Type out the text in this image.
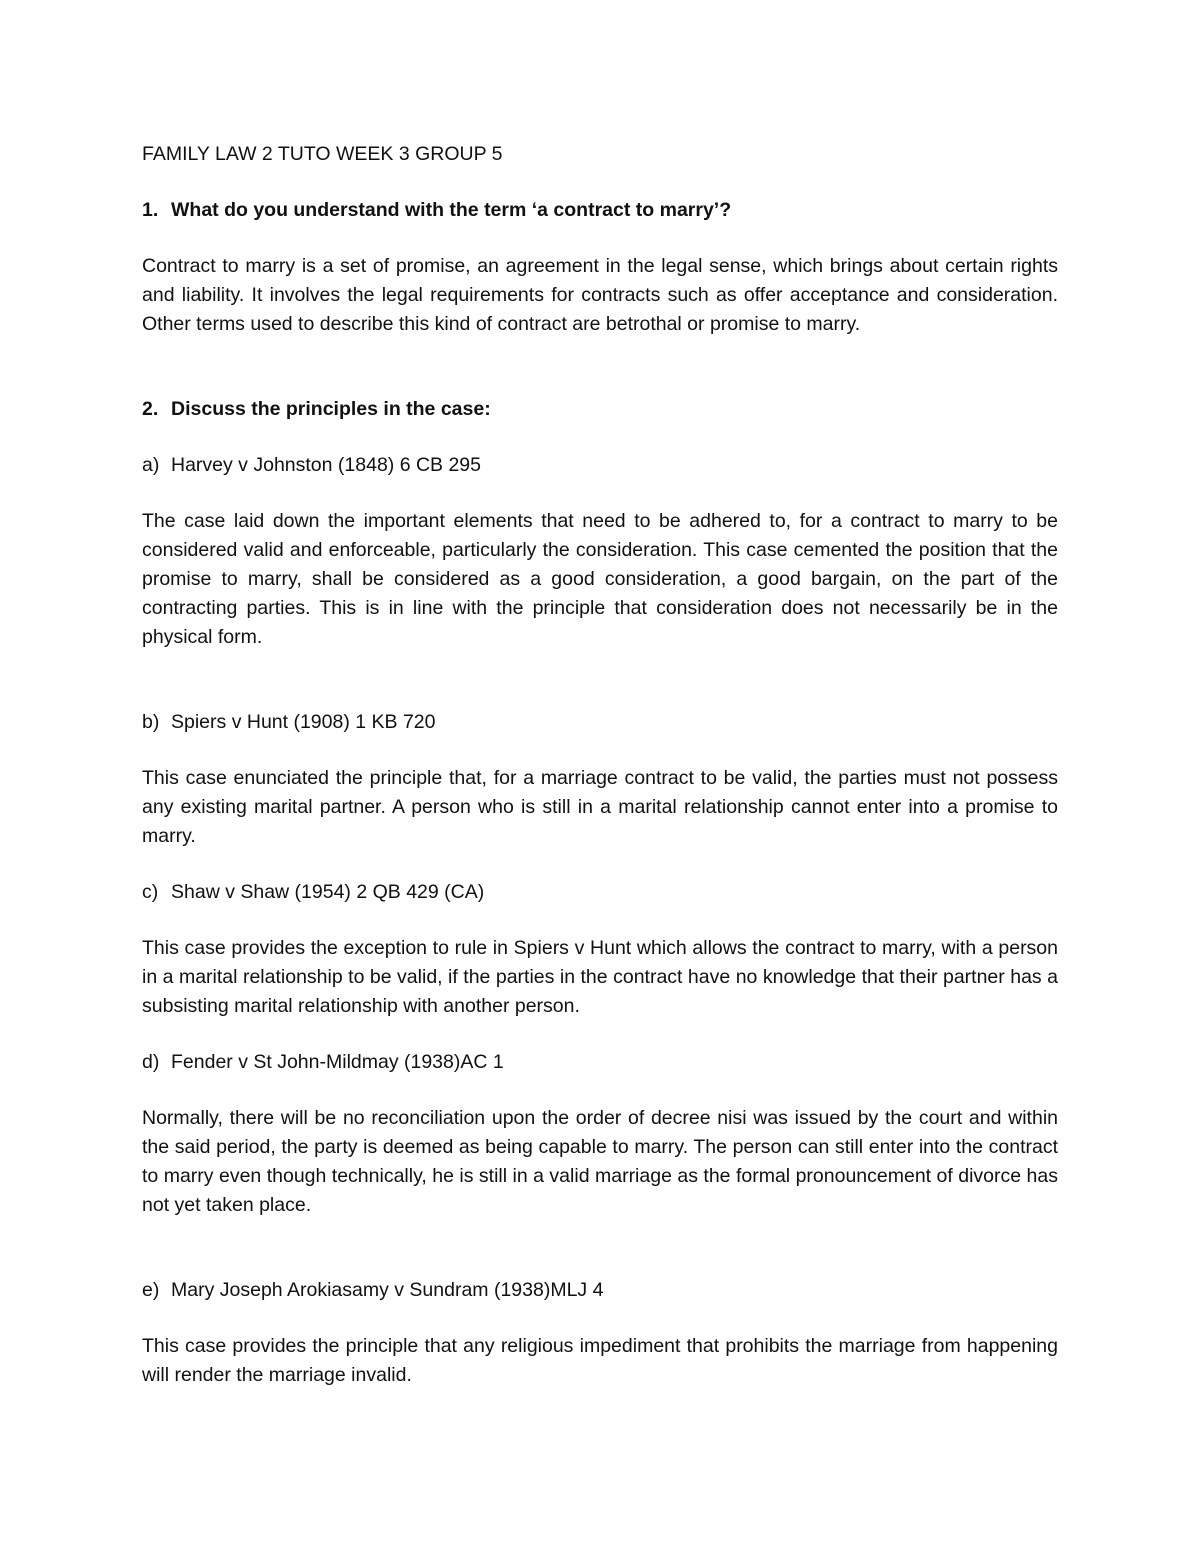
FAMILY LAW 2 TUTO WEEK 3 GROUP 5

1. What do you understand with the term ‘a contract to marry’?

Contract to marry is a set of promise, an agreement in the legal sense, which brings about certain rights and liability. It involves the legal requirements for contracts such as offer acceptance and consideration. Other terms used to describe this kind of contract are betrothal or promise to marry.

2. Discuss the principles in the case:

a) Harvey v Johnston (1848) 6 CB 295

The case laid down the important elements that need to be adhered to, for a contract to marry to be considered valid and enforceable, particularly the consideration. This case cemented the position that the promise to marry, shall be considered as a good consideration, a good bargain, on the part of the contracting parties. This is in line with the principle that consideration does not necessarily be in the physical form.

b) Spiers v Hunt (1908) 1 KB 720

This case enunciated the principle that, for a marriage contract to be valid, the parties must not possess any existing marital partner. A person who is still in a marital relationship cannot enter into a promise to marry.

c) Shaw v Shaw (1954) 2 QB 429 (CA)

This case provides the exception to rule in Spiers v Hunt which allows the contract to marry, with a person in a marital relationship to be valid, if the parties in the contract have no knowledge that their partner has a subsisting marital relationship with another person.

d) Fender v St John-Mildmay (1938)AC 1

Normally, there will be no reconciliation upon the order of decree nisi was issued by the court and within the said period, the party is deemed as being capable to marry. The person can still enter into the contract to marry even though technically, he is still in a valid marriage as the formal pronouncement of divorce has not yet taken place.

e) Mary Joseph Arokiasamy v Sundram (1938)MLJ 4

This case provides the principle that any religious impediment that prohibits the marriage from happening will render the marriage invalid.
